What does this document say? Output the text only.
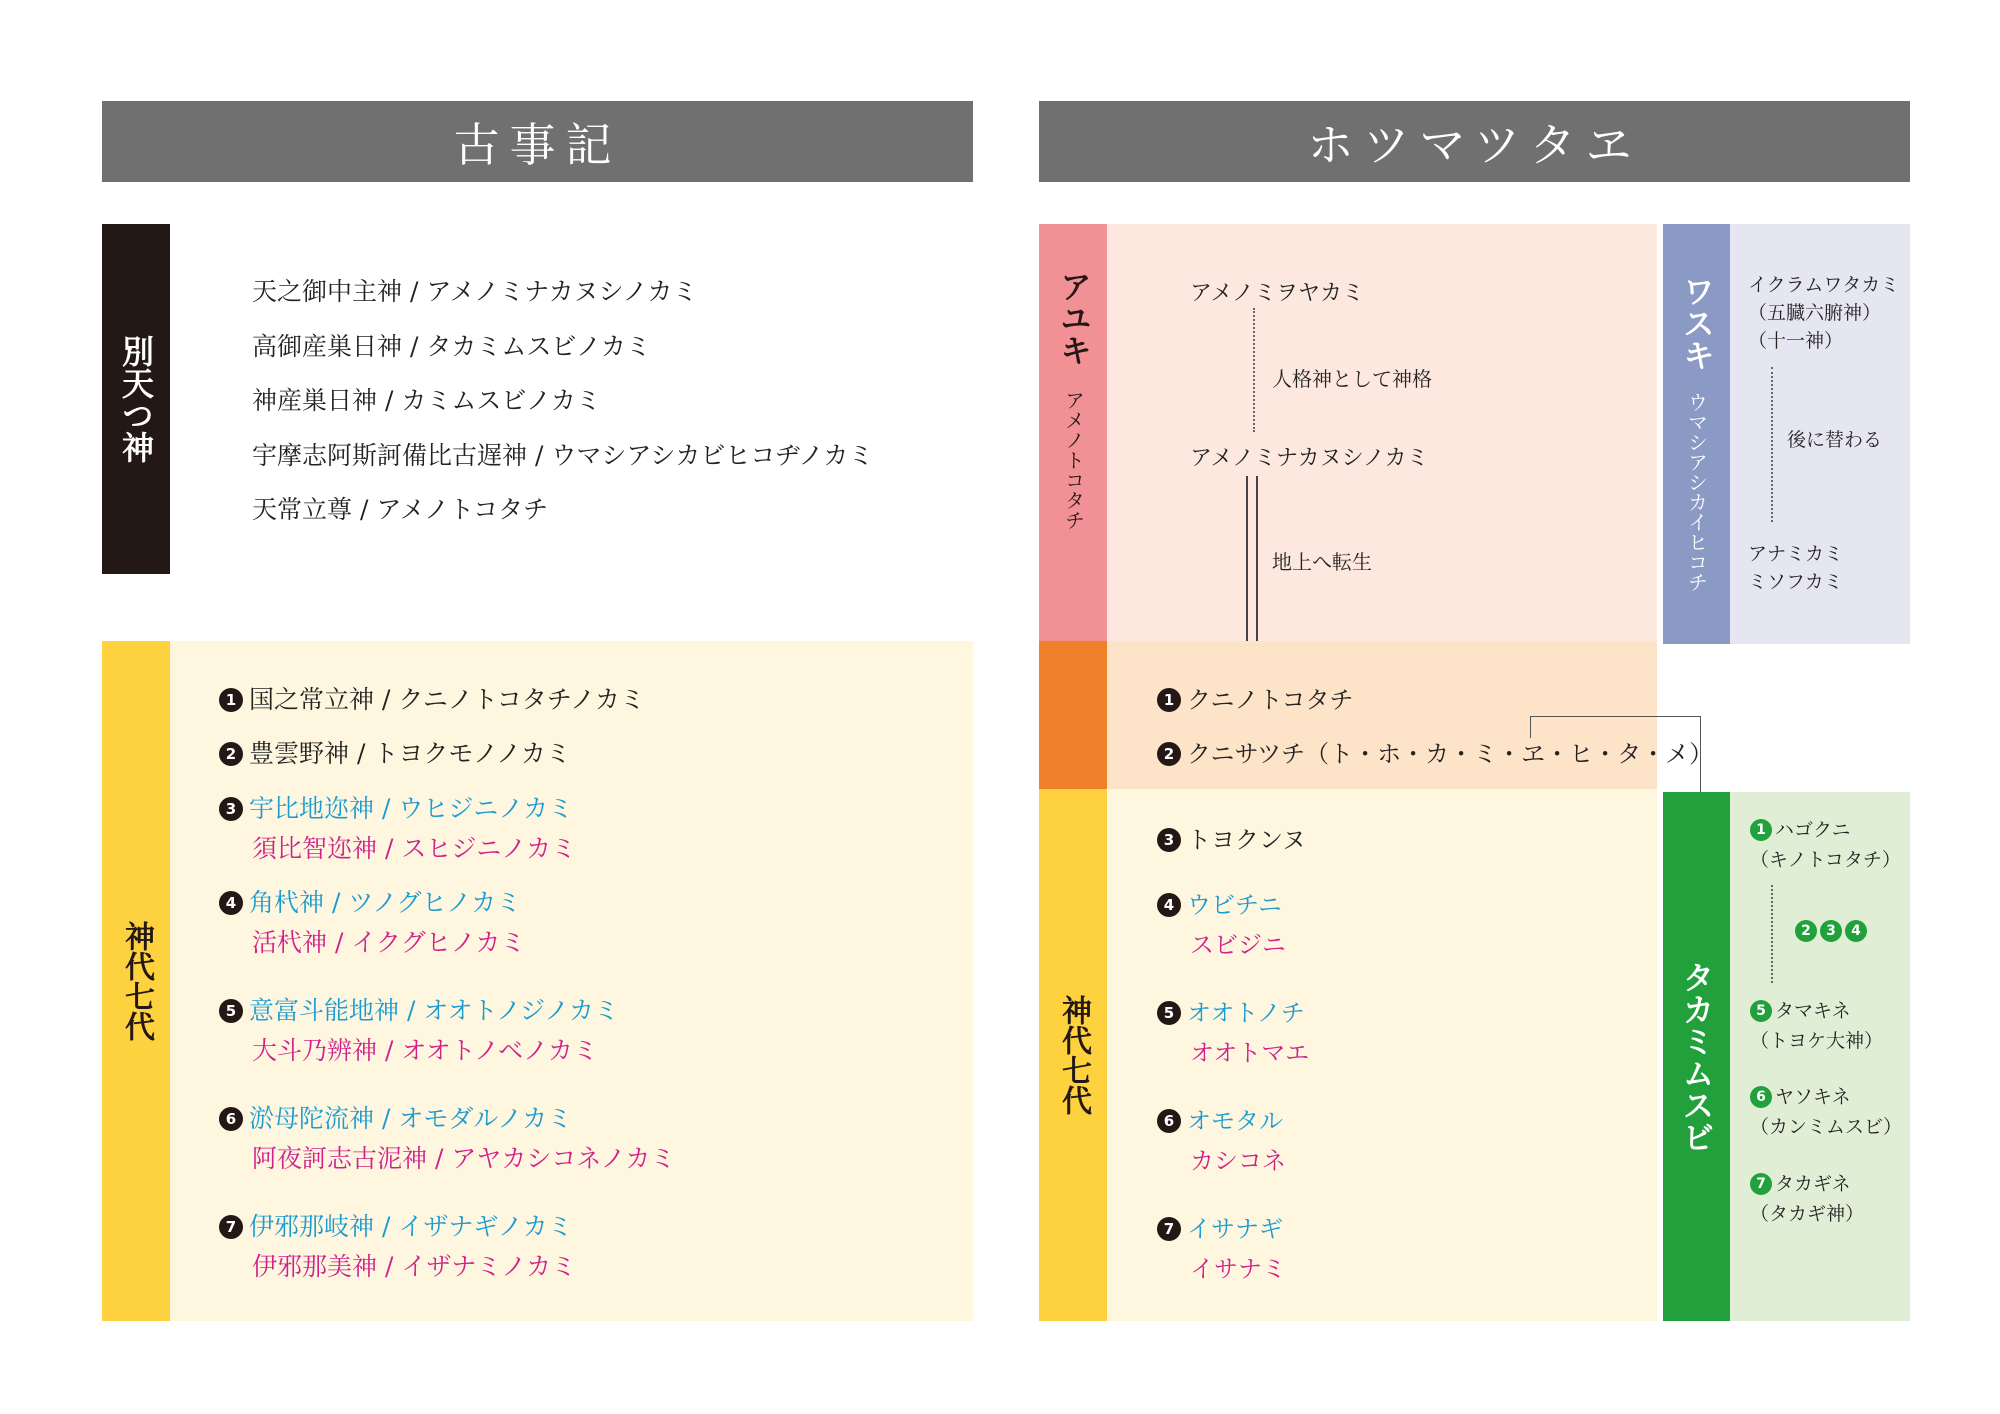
古事記
別天つ神
天之御中主神 / アメノミナカヌシノカミ
高御産巣日神 / タカミムスビノカミ
神産巣日神 / カミムスビノカミ
宇摩志阿斯訶備比古遅神 / ウマシアシカビヒコヂノカミ
天常立尊 / アメノトコタチ
神代七代
1 国之常立神 / クニノトコタチノカミ
2 豊雲野神 / トヨクモノノカミ
3 宇比地迩神 / ウヒジニノカミ
須比智迩神 / スヒジニノカミ
4 角杙神 / ツノグヒノカミ
活杙神 / イクグヒノカミ
5 意富斗能地神 / オオトノジノカミ
大斗乃辨神 / オオトノベノカミ
6 淤母陀流神 / オモダルノカミ
阿夜訶志古泥神 / アヤカシコネノカミ
7 伊邪那岐神 / イザナギノカミ
伊邪那美神 / イザナミノカミ
ホツマツタヱ
アユキ
アメノトコタチ
アメノミヲヤカミ
人格神として神格
アメノミナカヌシノカミ
地上へ転生
1 クニノトコタチ
2 クニサツチ（ト・ホ・カ・ミ・ヱ・ヒ・タ・メ）
ワスキ
ウマシアシカイヒコチ
イクラムワタカミ
（五臓六腑神）
（十一神）
後に替わる
アナミカミ
ミソフカミ
神代七代
3 トヨクンヌ
4 ウビチニ
スビジニ
5 オオトノチ
オオトマエ
6 オモタル
カシコネ
7 イサナギ
イサナミ
タカミムスビ
1 ハゴクニ
（キノトコタチ）
2 3 4
5 タマキネ
（トヨケ大神）
6 ヤソキネ
（カンミムスビ）
7 タカギネ
（タカギ神）
